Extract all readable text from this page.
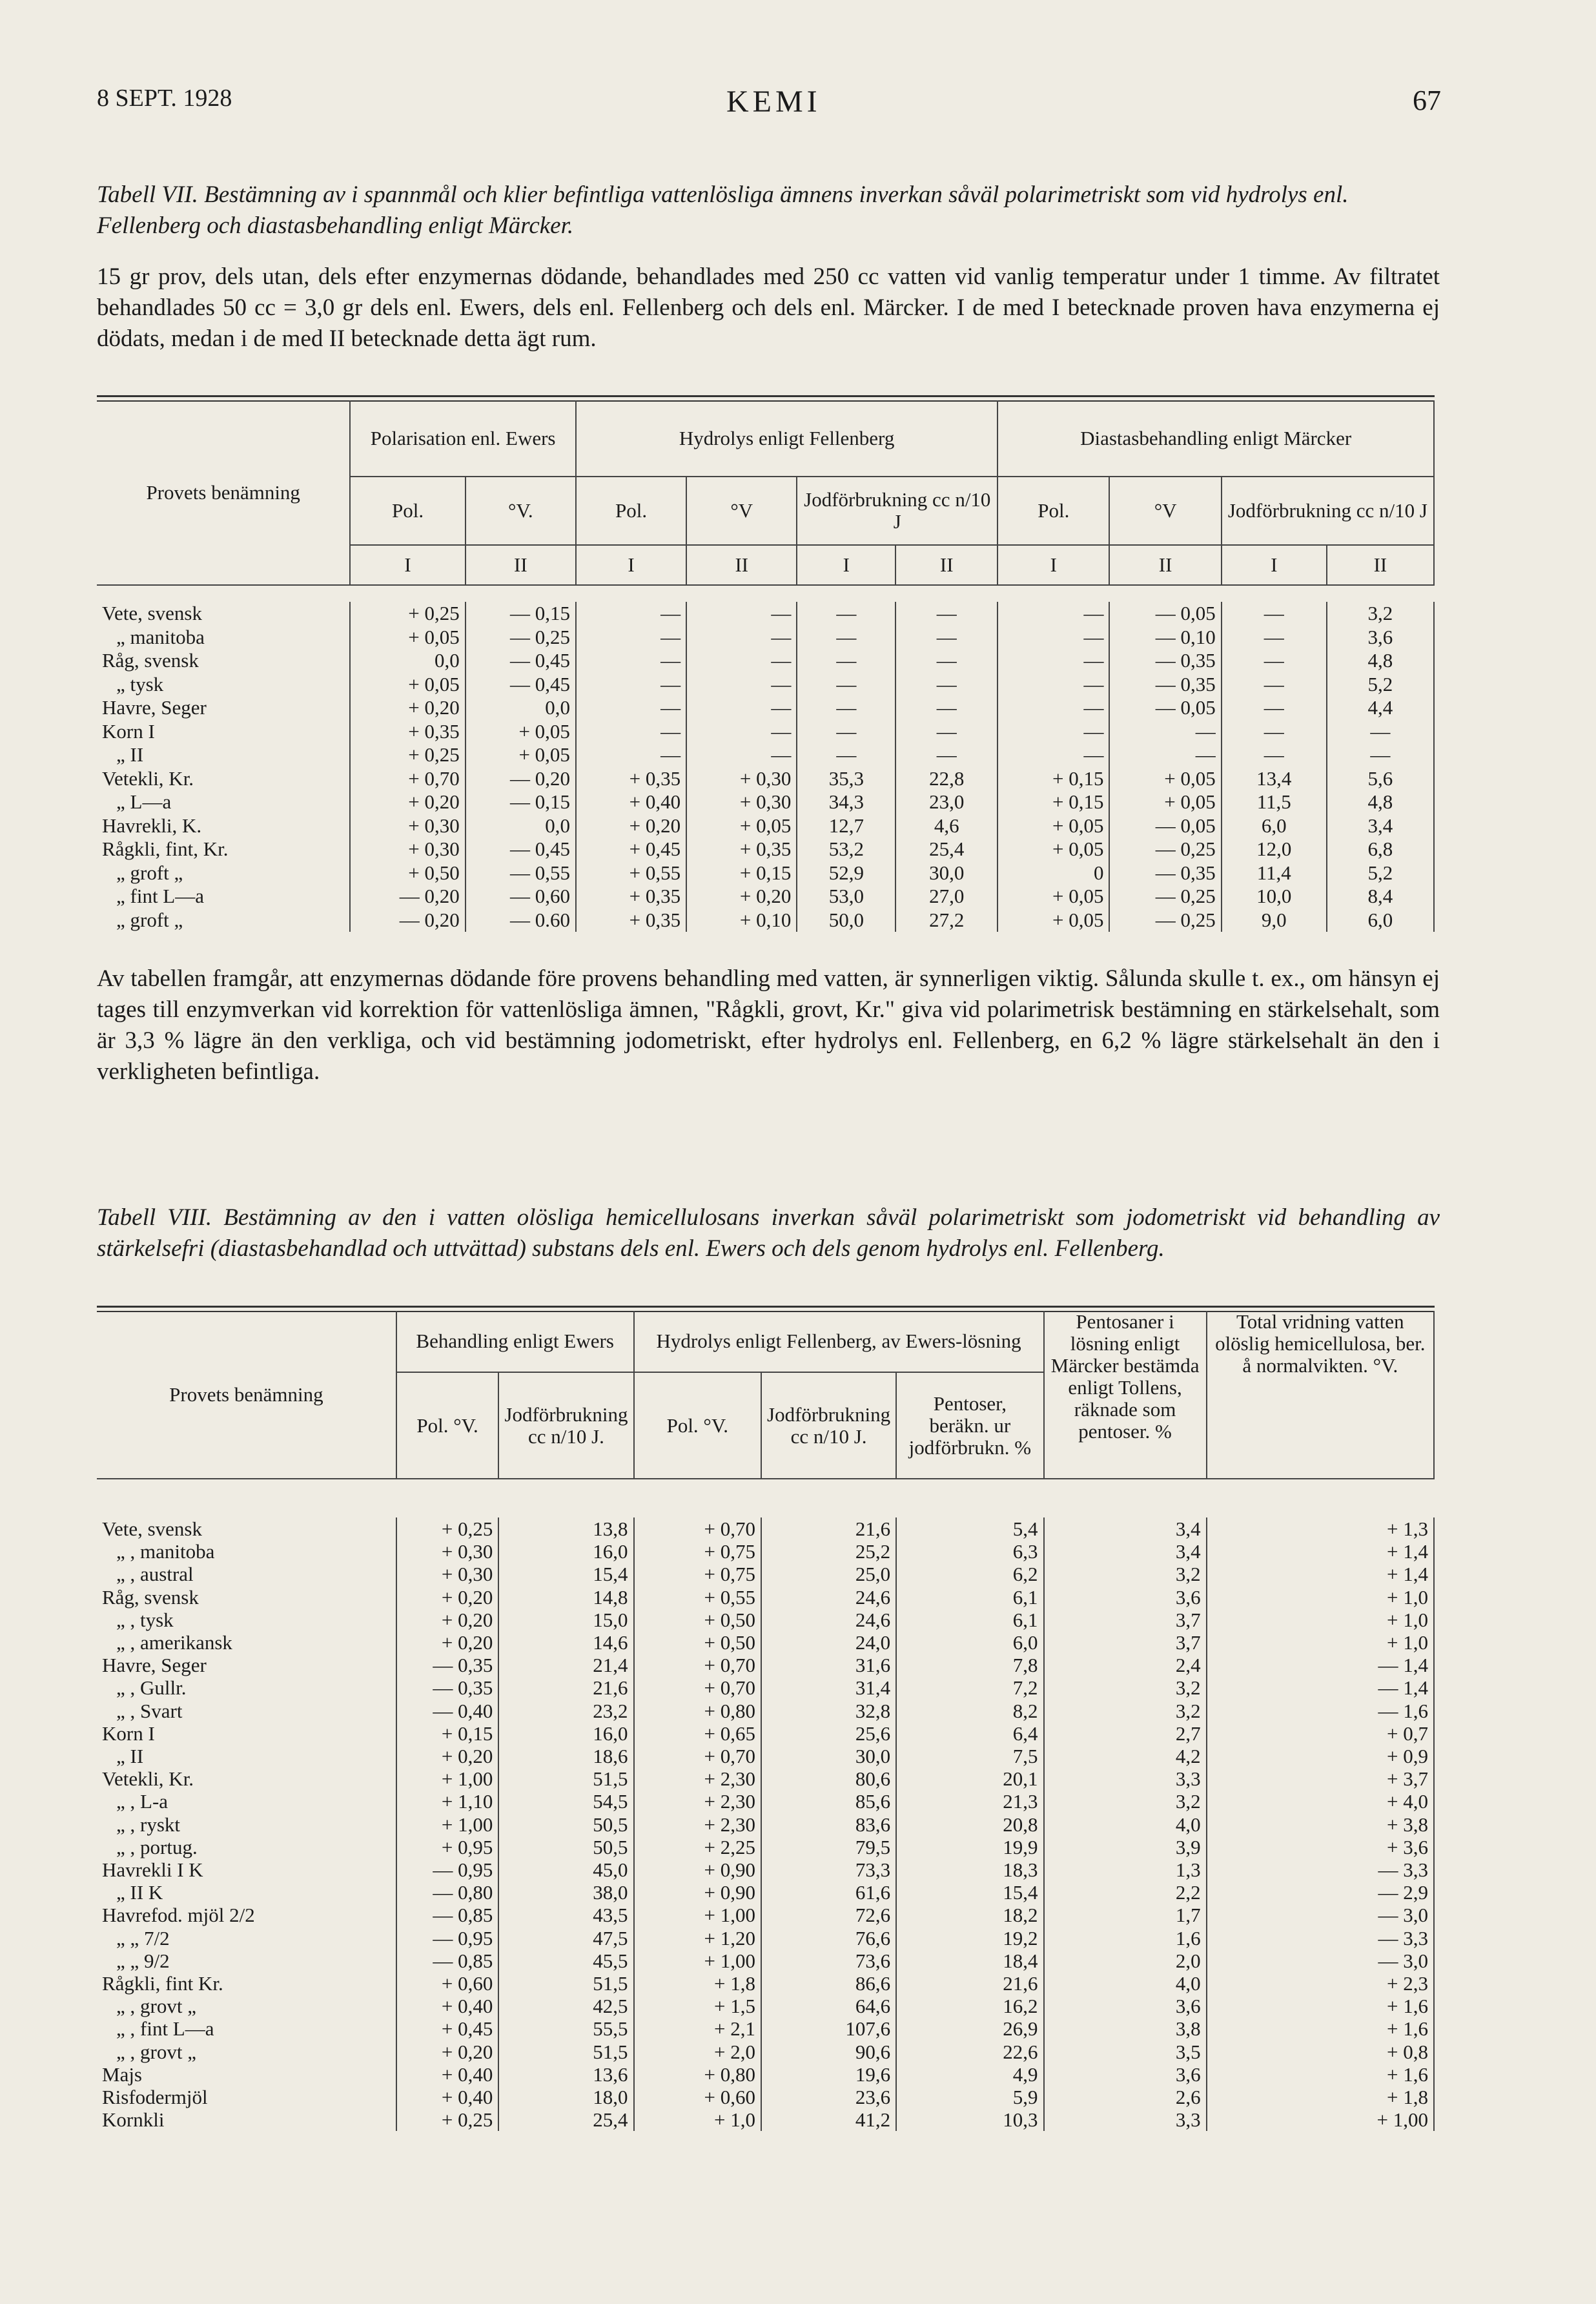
8 SEPT. 1928	KEMI	67
Tabell VII. Bestämning av i spannmål och klier befintliga vattenlösliga ämnens inverkan såväl polarimetriskt som vid hydrolys enl. Fellenberg och diastasbehandling enligt Märcker.
15 gr prov, dels utan, dels efter enzymernas dödande, behandlades med 250 cc vatten vid vanlig temperatur under 1 timme. Av filtratet behandlades 50 cc = 3,0 gr dels enl. Ewers, dels enl. Fellenberg och dels enl. Märcker. I de med I betecknade proven hava enzymerna ej dödats, medan i de med II betecknade detta ägt rum.
Provets benämning	Polarisation enl. Ewers		Hydrolys enligt Fellenberg				Diastasbehandling enligt Märcker			
	Pol.	°V.	Pol.	°V	Jodförbrukning cc n/10 J		Pol.	°V	Jodförbrukning cc n/10 J	
	I	II	I	II	I	II	I	II	I	II

Vete, svensk	+ 0,25	— 0,15	—	—	—	—	—	— 0,05	—	3,2
„ manitoba	+ 0,05	— 0,25	—	—	—	—	—	— 0,10	—	3,6
Råg, svensk	0,0	— 0,45	—	—	—	—	—	— 0,35	—	4,8
„ tysk	+ 0,05	— 0,45	—	—	—	—	—	— 0,35	—	5,2
Havre, Seger	+ 0,20	0,0	—	—	—	—	—	— 0,05	—	4,4
Korn I	+ 0,35	+ 0,05	—	—	—	—	—	—	—	—
„ II	+ 0,25	+ 0,05	—	—	—	—	—	—	—	—
Vetekli, Kr.	+ 0,70	— 0,20	+ 0,35	+ 0,30	35,3	22,8	+ 0,15	+ 0,05	13,4	5,6
„ L—a	+ 0,20	— 0,15	+ 0,40	+ 0,30	34,3	23,0	+ 0,15	+ 0,05	11,5	4,8
Havrekli, K.	+ 0,30	0,0	+ 0,20	+ 0,05	12,7	4,6	+ 0,05	— 0,05	6,0	3,4
Rågkli, fint, Kr.	+ 0,30	— 0,45	+ 0,45	+ 0,35	53,2	25,4	+ 0,05	— 0,25	12,0	6,8
„ groft „	+ 0,50	— 0,55	+ 0,55	+ 0,15	52,9	30,0	0	— 0,35	11,4	5,2
„ fint L—a	— 0,20	— 0,60	+ 0,35	+ 0,20	53,0	27,0	+ 0,05	— 0,25	10,0	8,4
„ groft „	— 0,20	— 0.60	+ 0,35	+ 0,10	50,0	27,2	+ 0,05	— 0,25	9,0	6,0
Av tabellen framgår, att enzymernas dödande före provens behandling med vatten, är synnerligen viktig. Sålunda skulle t. ex., om hänsyn ej tages till enzymverkan vid korrektion för vattenlösliga ämnen, "Rågkli, grovt, Kr." giva vid polarimetrisk bestämning en stärkelsehalt, som är 3,3 % lägre än den verkliga, och vid bestämning jodometriskt, efter hydrolys enl. Fellenberg, en 6,2 % lägre stärkelsehalt än den i verkligheten befintliga.
Tabell VIII. Bestämning av den i vatten olösliga hemicellulosans inverkan såväl polarimetriskt som jodometriskt vid behandling av stärkelsefri (diastasbehandlad och uttvättad) substans dels enl. Ewers och dels genom hydrolys enl. Fellenberg.
Provets benämning	Behandling enligt Ewers		Hydrolys enligt Fellenberg, av Ewers-lösning			Pentosaner i lösning enligt Märcker bestämda enligt Tollens, räknade som pentoser. %	Total vridning vatten olöslig hemicellulosa, ber. å normalvikten. °V.
	Pol. °V.	Jodförbrukning cc n/10 J.	Pol. °V.	Jodförbrukning cc n/10 J.	Pentoser, beräkn. ur jodförbrukn. %		

Vete, svensk	+ 0,25	13,8	+ 0,70	21,6	5,4	3,4	+ 1,3
„ , manitoba	+ 0,30	16,0	+ 0,75	25,2	6,3	3,4	+ 1,4
„ , austral	+ 0,30	15,4	+ 0,75	25,0	6,2	3,2	+ 1,4
Råg, svensk	+ 0,20	14,8	+ 0,55	24,6	6,1	3,6	+ 1,0
„ , tysk	+ 0,20	15,0	+ 0,50	24,6	6,1	3,7	+ 1,0
„ , amerikansk	+ 0,20	14,6	+ 0,50	24,0	6,0	3,7	+ 1,0
Havre, Seger	— 0,35	21,4	+ 0,70	31,6	7,8	2,4	— 1,4
„ , Gullr.	— 0,35	21,6	+ 0,70	31,4	7,2	3,2	— 1,4
„ , Svart	— 0,40	23,2	+ 0,80	32,8	8,2	3,2	— 1,6
Korn I	+ 0,15	16,0	+ 0,65	25,6	6,4	2,7	+ 0,7
„ II	+ 0,20	18,6	+ 0,70	30,0	7,5	4,2	+ 0,9
Vetekli, Kr.	+ 1,00	51,5	+ 2,30	80,6	20,1	3,3	+ 3,7
„ , L-a	+ 1,10	54,5	+ 2,30	85,6	21,3	3,2	+ 4,0
„ , ryskt	+ 1,00	50,5	+ 2,30	83,6	20,8	4,0	+ 3,8
„ , portug.	+ 0,95	50,5	+ 2,25	79,5	19,9	3,9	+ 3,6
Havrekli I K	— 0,95	45,0	+ 0,90	73,3	18,3	1,3	— 3,3
„ II K	— 0,80	38,0	+ 0,90	61,6	15,4	2,2	— 2,9
Havrefod. mjöl 2/2	— 0,85	43,5	+ 1,00	72,6	18,2	1,7	— 3,0
„ „ 7/2	— 0,95	47,5	+ 1,20	76,6	19,2	1,6	— 3,3
„ „ 9/2	— 0,85	45,5	+ 1,00	73,6	18,4	2,0	— 3,0
Rågkli, fint Kr.	+ 0,60	51,5	+ 1,8	86,6	21,6	4,0	+ 2,3
„ , grovt „	+ 0,40	42,5	+ 1,5	64,6	16,2	3,6	+ 1,6
„ , fint L—a	+ 0,45	55,5	+ 2,1	107,6	26,9	3,8	+ 1,6
„ , grovt „	+ 0,20	51,5	+ 2,0	90,6	22,6	3,5	+ 0,8
Majs	+ 0,40	13,6	+ 0,80	19,6	4,9	3,6	+ 1,6
Risfodermjöl	+ 0,40	18,0	+ 0,60	23,6	5,9	2,6	+ 1,8
Kornkli	+ 0,25	25,4	+ 1,0	41,2	10,3	3,3	+ 1,00
